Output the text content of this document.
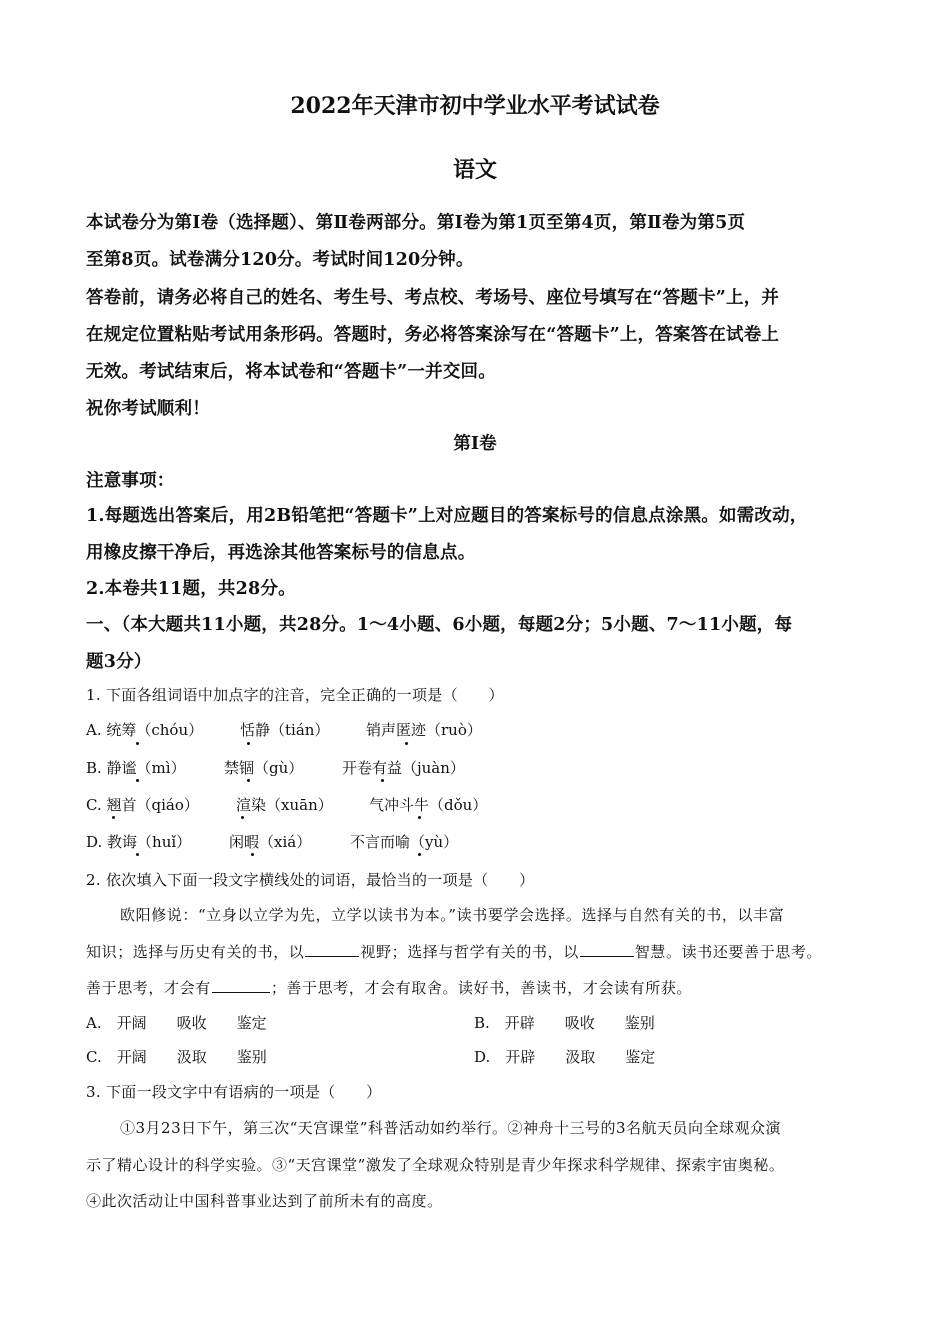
2022年天津市初中学业水平考试试卷
语文
本试卷分为第Ⅰ卷（选择题）、第Ⅱ卷两部分。第Ⅰ卷为第1页至第4页，第Ⅱ卷为第5页
至第8页。试卷满分120分。考试时间120分钟。
答卷前，请务必将自己的姓名、考生号、考点校、考场号、座位号填写在“答题卡”上，并
在规定位置粘贴考试用条形码。答题时，务必将答案涂写在“答题卡”上，答案答在试卷上
无效。考试结束后，将本试卷和“答题卡”一并交回。
祝你考试顺利！
第Ⅰ卷
注意事项：
1.每题选出答案后，用2B铅笔把“答题卡”上对应题目的答案标号的信息点涂黑。如需改动，
用橡皮擦干净后，再选涂其他答案标号的信息点。
2.本卷共11题，共28分。
一、（本大题共11小题，共28分。1～4小题、6小题，每题2分；5小题、7～11小题，每
题3分）
1. 下面各组词语中加点字的注音，完全正确的一项是（　　）
A. 统筹（chóu） 恬静（tián） 销声匿迹（ruò）
B. 静谧（mì）	禁锢（gù）	开卷有益（juàn）
C. 翘首（qiáo） 渲染（xuān） 气冲斗牛（dǒu）
D. 教诲（huǐ）	闲暇（xiá）	不言而喻（yù）
2. 依次填入下面一段文字横线处的词语，最恰当的一项是（　　）
欧阳修说：“立身以立学为先，立学以读书为本。”读书要学会选择。选择与自然有关的书，以丰富
知识；选择与历史有关的书，以	视野；选择与哲学有关的书，以	智慧。读书还要善于思考。
善于思考，才会有	；善于思考，才会有取舍。读好书，善读书，才会读有所获。
A.　开阔　　吸收　　鉴定	B.　开辟　　吸收　　鉴别
C.　开阔　　汲取　　鉴别	D.　开辟　　汲取　　鉴定
3. 下面一段文字中有语病的一项是（　　）
①3月23日下午，第三次“天宫课堂”科普活动如约举行。②神舟十三号的3名航天员向全球观众演
示了精心设计的科学实验。③“天宫课堂”激发了全球观众特别是青少年探求科学规律、探索宇宙奥秘。
④此次活动让中国科普事业达到了前所未有的高度。
